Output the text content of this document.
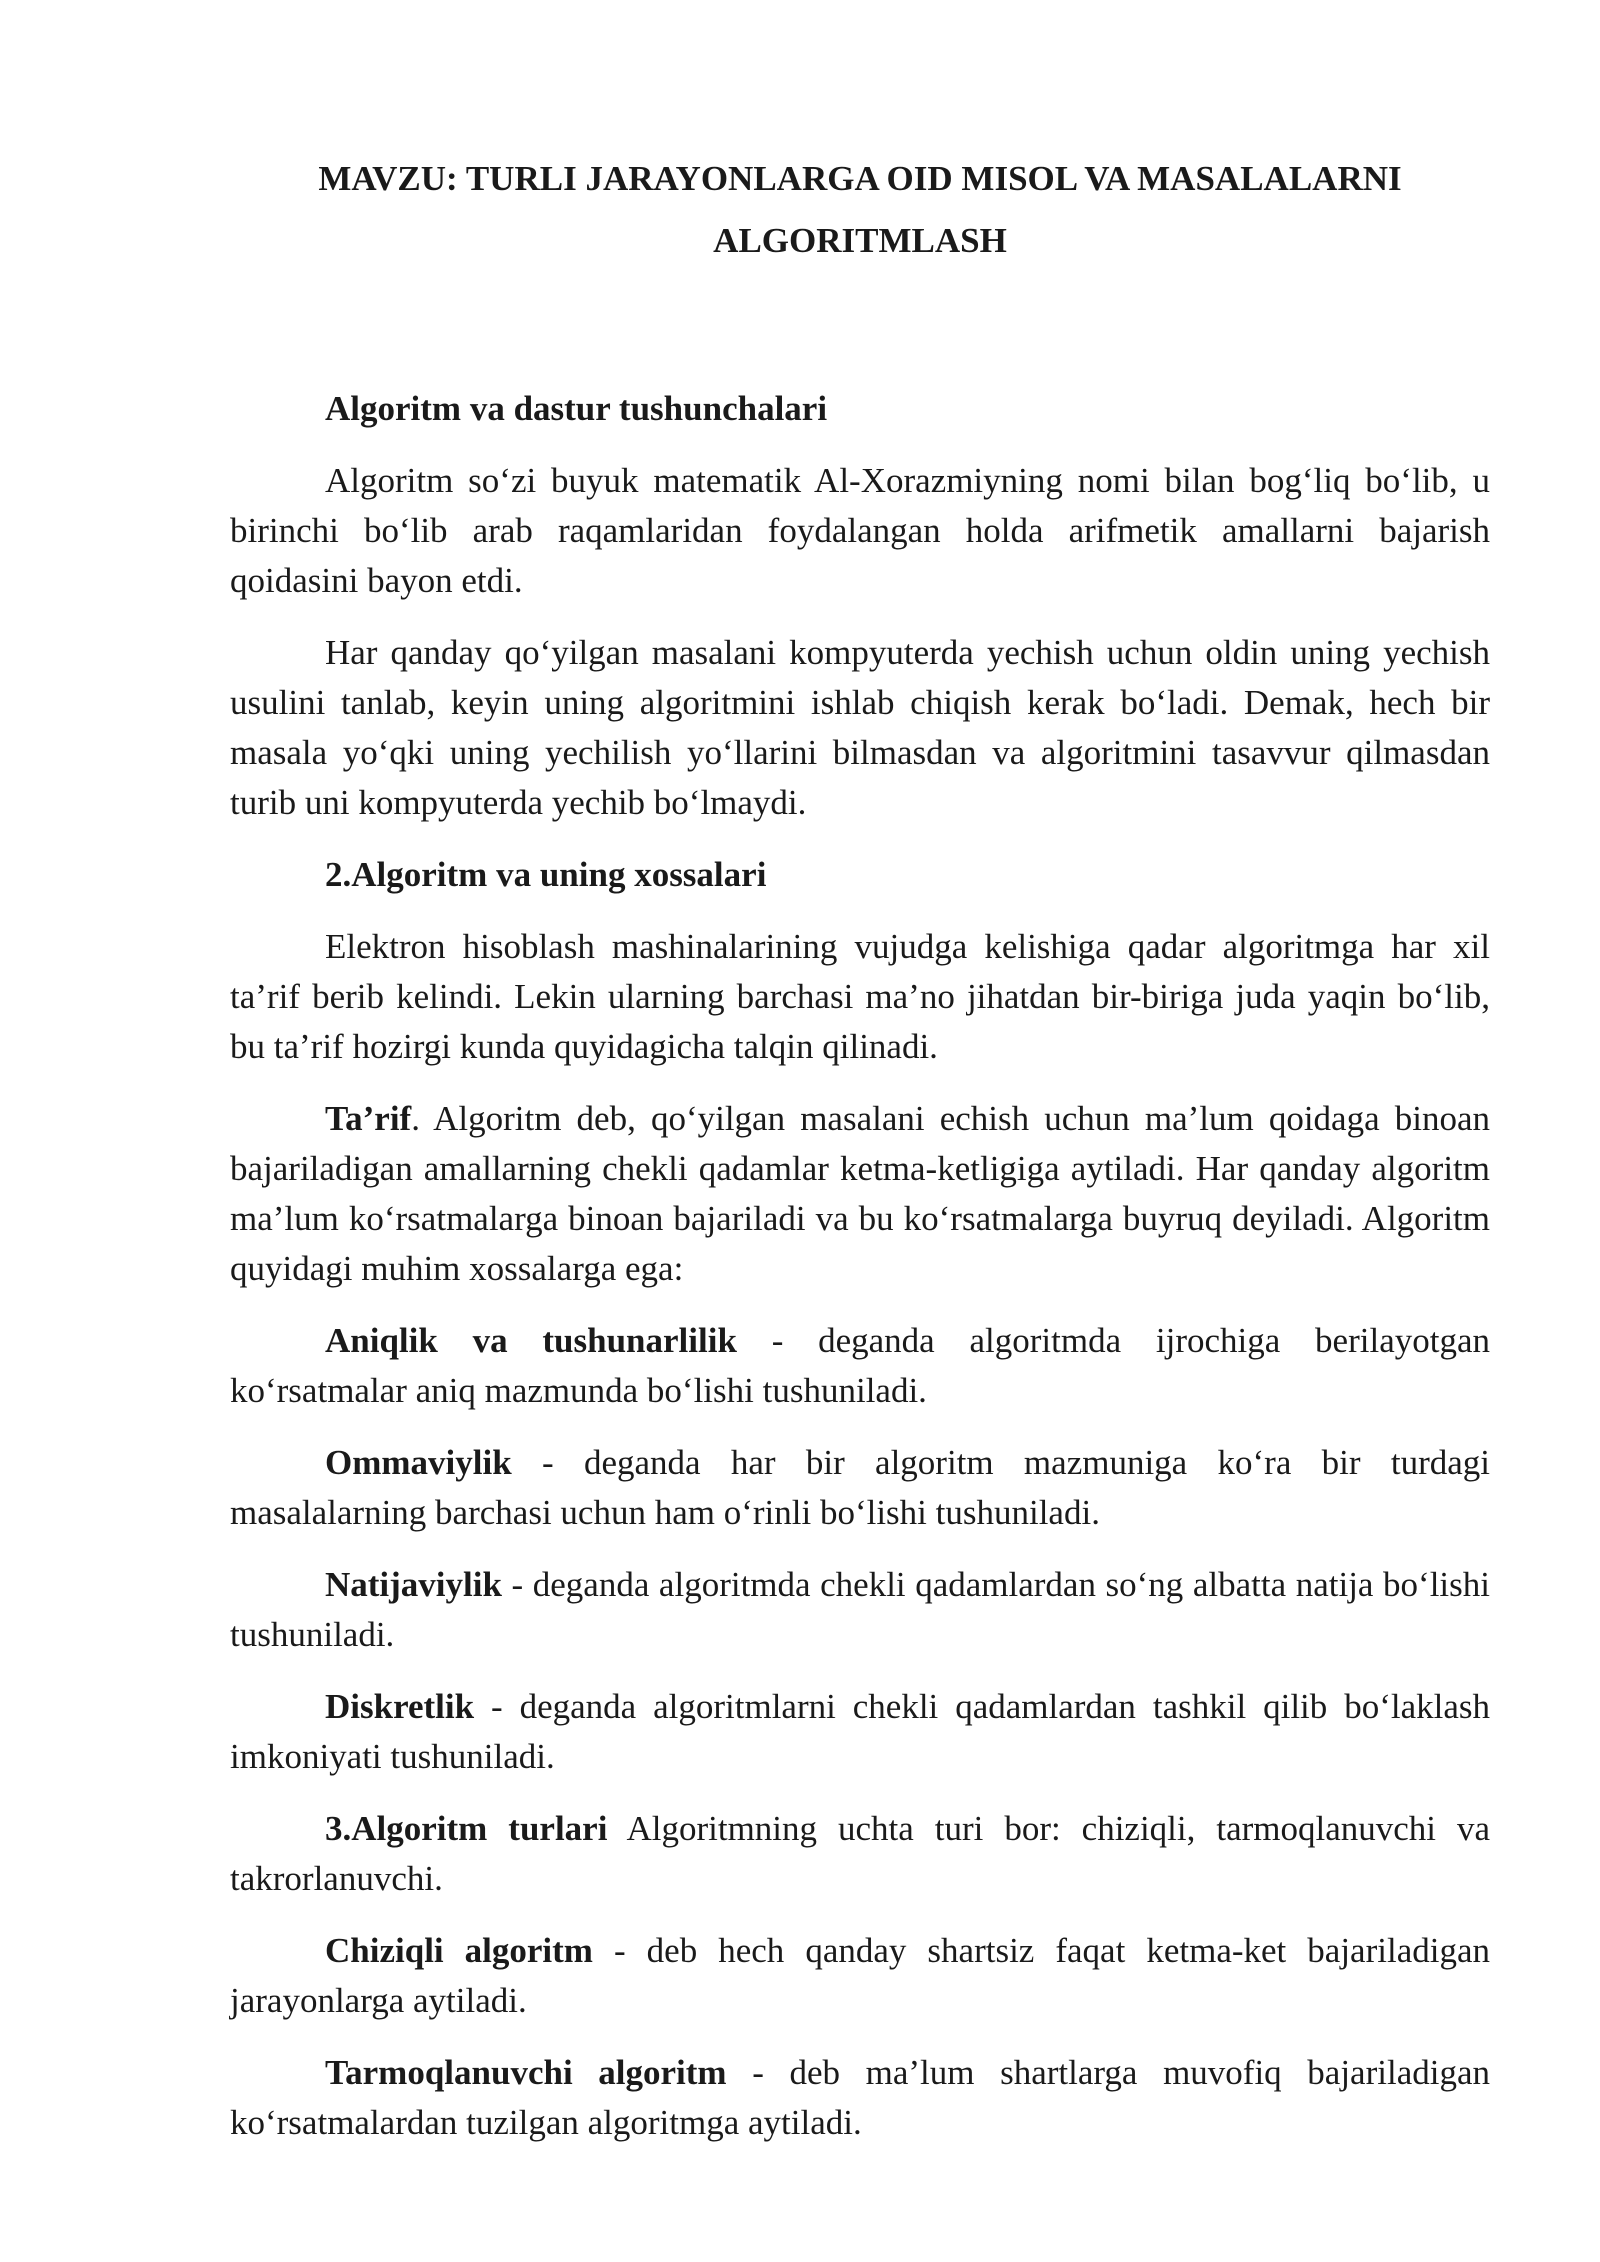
MAVZU: TURLI JARAYONLARGA OID MISOL VA MASALALARNI
ALGORITMLASH

Algoritm va dastur tushunchalari

Algoritm so‘zi buyuk matematik Al-Xorazmiyning nomi bilan bog‘liq bo‘lib, u birinchi bo‘lib arab raqamlaridan foydalangan holda arifmetik amallarni bajarish qoidasini bayon etdi.

Har qanday qo‘yilgan masalani kompyuterda yechish uchun oldin uning yechish usulini tanlab, keyin uning algoritmini ishlab chiqish kerak bo‘ladi. Demak, hech bir masala yo‘qki uning yechilish yo‘llarini bilmasdan va algoritmini tasavvur qilmasdan turib uni kompyuterda yechib bo‘lmaydi.

2.Algoritm va uning xossalari

Elektron hisoblash mashinalarining vujudga kelishiga qadar algoritmga har xil ta’rif berib kelindi. Lekin ularning barchasi ma’no jihatdan bir-biriga juda yaqin bo‘lib, bu ta’rif hozirgi kunda quyidagicha talqin qilinadi.

Ta’rif. Algoritm deb, qo‘yilgan masalani echish uchun ma’lum qoidaga binoan bajariladigan amallarning chekli qadamlar ketma-ketligiga aytiladi. Har qanday algoritm ma’lum ko‘rsatmalarga binoan bajariladi va bu ko‘rsatmalarga buyruq deyiladi. Algoritm quyidagi muhim xossalarga ega:

Aniqlik va tushunarlilik - deganda algoritmda ijrochiga berilayotgan ko‘rsatmalar aniq mazmunda bo‘lishi tushuniladi.

Ommaviylik - deganda har bir algoritm mazmuniga ko‘ra bir turdagi masalalarning barchasi uchun ham o‘rinli bo‘lishi tushuniladi.

Natijaviylik - deganda algoritmda chekli qadamlardan so‘ng albatta natija bo‘lishi tushuniladi.

Diskretlik - deganda algoritmlarni chekli qadamlardan tashkil qilib bo‘laklash imkoniyati tushuniladi.

3.Algoritm turlari Algoritmning uchta turi bor: chiziqli, tarmoqlanuvchi va takrorlanuvchi.

Chiziqli algoritm - deb hech qanday shartsiz faqat ketma-ket bajariladigan jarayonlarga aytiladi.

Tarmoqlanuvchi algoritm - deb ma’lum shartlarga muvofiq bajariladigan ko‘rsatmalardan tuzilgan algoritmga aytiladi.
